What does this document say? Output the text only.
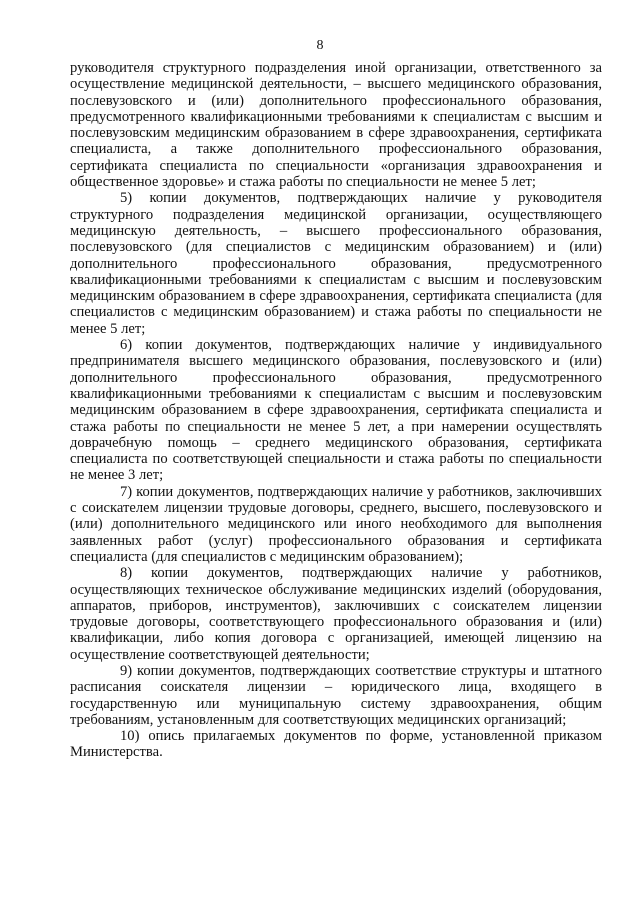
8

руководителя структурного подразделения иной организации, ответственного за осуществление медицинской деятельности, – высшего медицинского образования, послевузовского и (или) дополнительного профессионального образования, предусмотренного квалификационными требованиями к специалистам с высшим и послевузовским медицинским образованием в сфере здравоохранения, сертификата специалиста, а также дополнительного профессионального образования, сертификата специалиста по специальности «организация здравоохранения и общественное здоровье» и стажа работы по специальности не менее 5 лет;

5) копии документов, подтверждающих наличие у руководителя структурного подразделения медицинской организации, осуществляющего медицинскую деятельность, – высшего профессионального образования, послевузовского (для специалистов с медицинским образованием) и (или) дополнительного профессионального образования, предусмотренного квалификационными требованиями к специалистам с высшим и послевузовским медицинским образованием в сфере здравоохранения, сертификата специалиста (для специалистов с медицинским образованием) и стажа работы по специальности не менее 5 лет;

6) копии документов, подтверждающих наличие у индивидуального предпринимателя высшего медицинского образования, послевузовского и (или) дополнительного профессионального образования, предусмотренного квалификационными требованиями к специалистам с высшим и послевузовским медицинским образованием в сфере здравоохранения, сертификата специалиста и стажа работы по специальности не менее 5 лет, а при намерении осуществлять доврачебную помощь – среднего медицинского образования, сертификата специалиста по соответствующей специальности и стажа работы по специальности не менее 3 лет;

7) копии документов, подтверждающих наличие у работников, заключивших с соискателем лицензии трудовые договоры, среднего, высшего, послевузовского и (или) дополнительного медицинского или иного необходимого для выполнения заявленных работ (услуг) профессионального образования и сертификата специалиста (для специалистов с медицинским образованием);

8) копии документов, подтверждающих наличие у работников, осуществляющих техническое обслуживание медицинских изделий (оборудования, аппаратов, приборов, инструментов), заключивших с соискателем лицензии трудовые договоры, соответствующего профессионального образования и (или) квалификации, либо копия договора с организацией, имеющей лицензию на осуществление соответствующей деятельности;

9) копии документов, подтверждающих соответствие структуры и штатного расписания соискателя лицензии – юридического лица, входящего в государственную или муниципальную систему здравоохранения, общим требованиям, установленным для соответствующих медицинских организаций;

10) опись прилагаемых документов по форме, установленной приказом Министерства.
